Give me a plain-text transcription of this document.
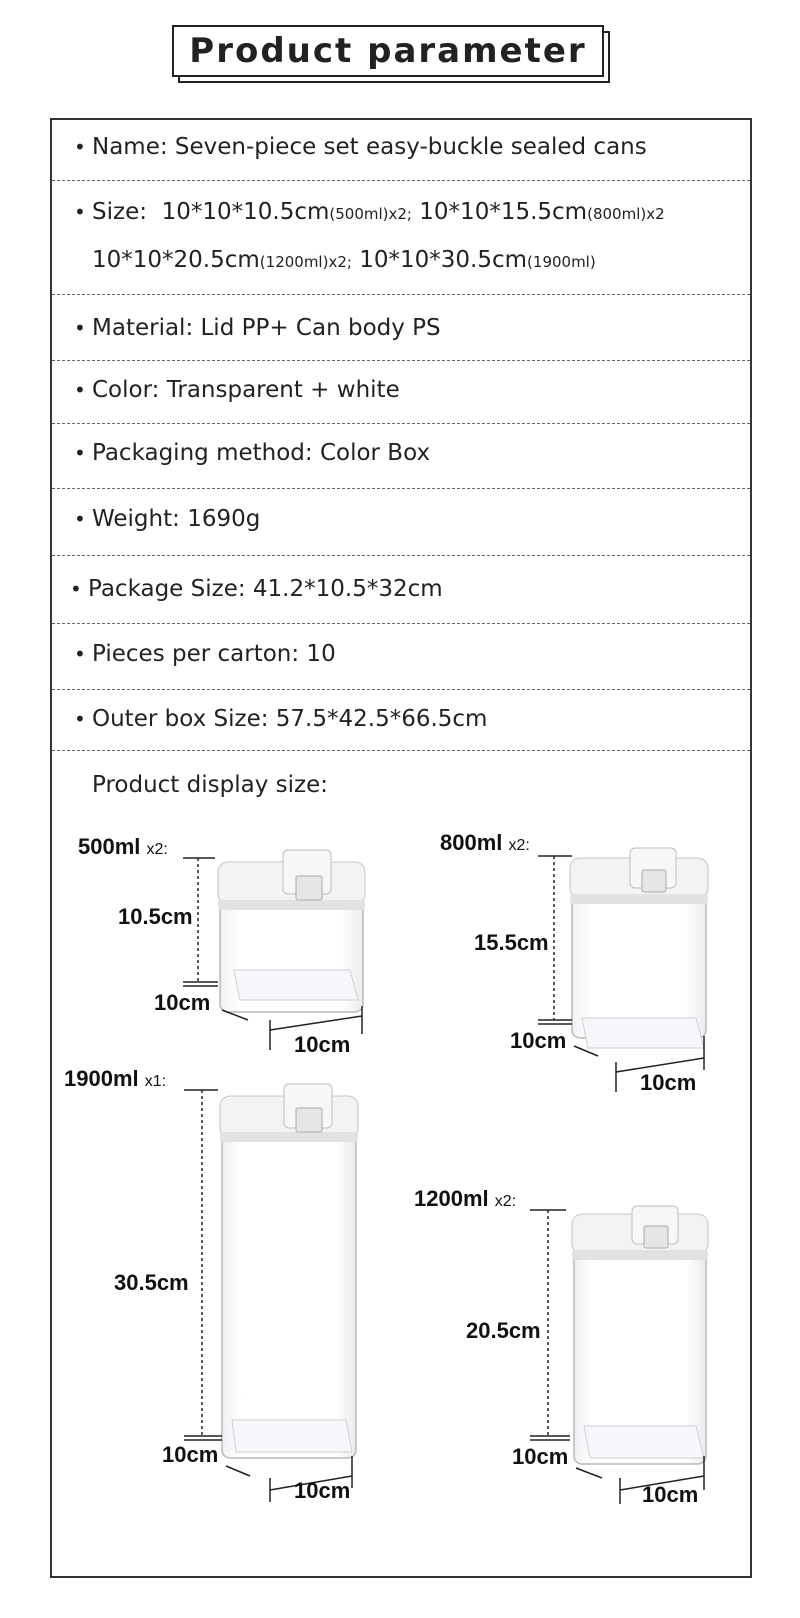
Product parameter
• Name: Seven-piece set easy-buckle sealed cans
• Size: 10*10*10.5cm(500ml)x2; 10*10*15.5cm(800ml)x2
10*10*20.5cm(1200ml)x2; 10*10*30.5cm(1900ml)
• Material: Lid PP+ Can body PS
• Color: Transparent + white
• Packaging method: Color Box
• Weight: 1690g
• Package Size: 41.2*10.5*32cm
• Pieces per carton: 10
• Outer box Size: 57.5*42.5*66.5cm
Product display size:
500ml x2:	800ml x2:
1900ml x1:
1200ml x2:
10.5cm
10cm
10cm
15.5cm
10cm
10cm
30.5cm
10cm
10cm
20.5cm
10cm
10cm
